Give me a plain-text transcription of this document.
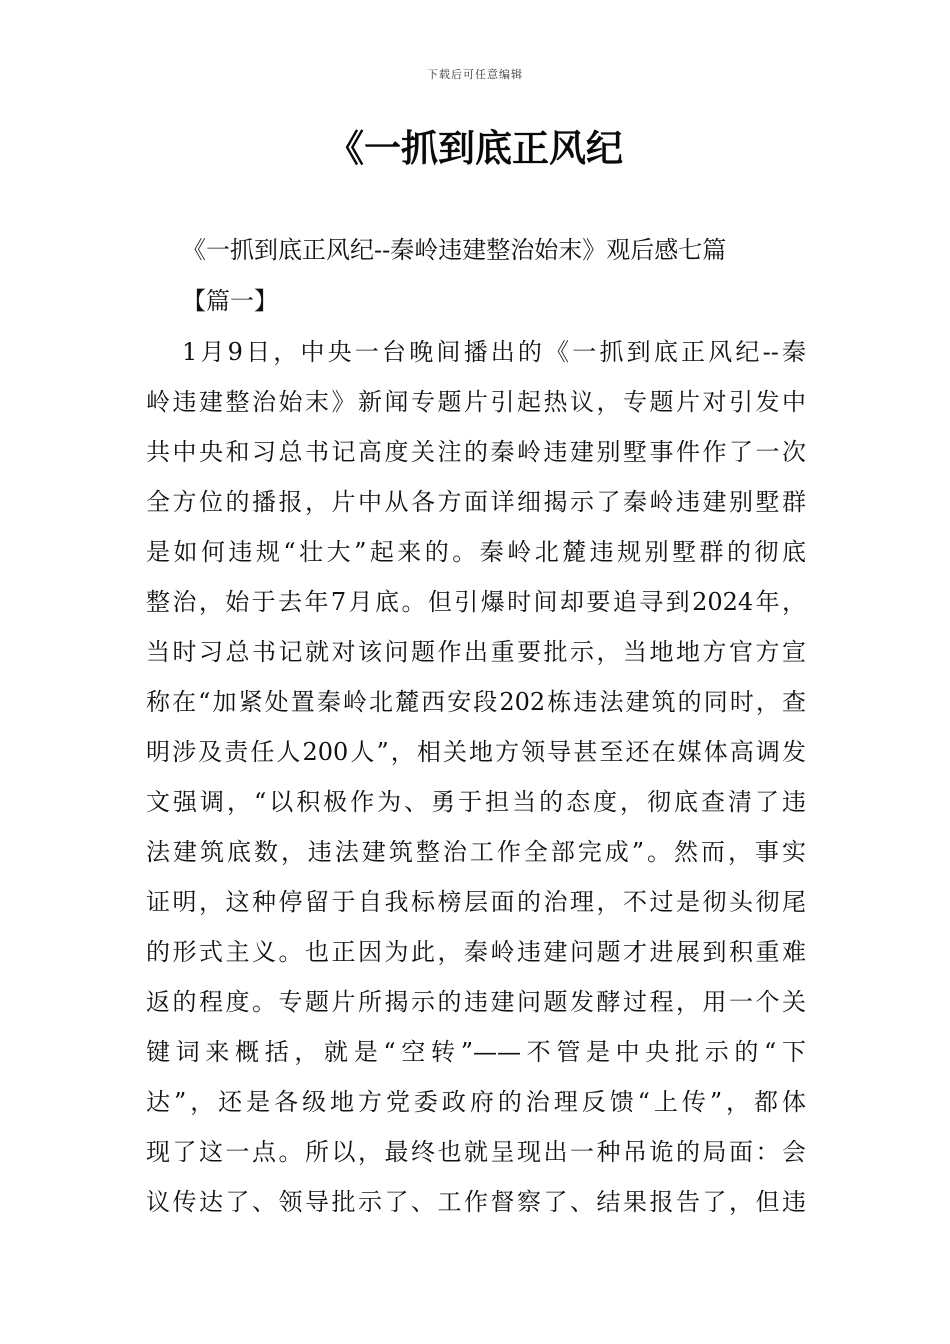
下载后可任意编辑
《一抓到底正风纪

《一抓到底正风纪--秦岭违建整治始末》观后感七篇

【篇一】

1月9日，中央一台晚间播出的《一抓到底正风纪--秦
岭违建整治始末》新闻专题片引起热议，专题片对引发中
共中央和习总书记高度关注的秦岭违建别墅事件作了一次
全方位的播报，片中从各方面详细揭示了秦岭违建别墅群
是如何违规“壮大”起来的。秦岭北麓违规别墅群的彻底
整治，始于去年7月底。但引爆时间却要追寻到2024年，
当时习总书记就对该问题作出重要批示，当地地方官方宣
称在“加紧处置秦岭北麓西安段202栋违法建筑的同时，查
明涉及责任人200人”，相关地方领导甚至还在媒体高调发
文强调，“以积极作为、勇于担当的态度，彻底查清了违
法建筑底数，违法建筑整治工作全部完成”。然而，事实
证明，这种停留于自我标榜层面的治理，不过是彻头彻尾
的形式主义。也正因为此，秦岭违建问题才进展到积重难
返的程度。专题片所揭示的违建问题发酵过程，用一个关
键词来概括，就是“空转”——不管是中央批示的“下
达”，还是各级地方党委政府的治理反馈“上传”，都体
现了这一点。所以，最终也就呈现出一种吊诡的局面：会
议传达了、领导批示了、工作督察了、结果报告了，但违
